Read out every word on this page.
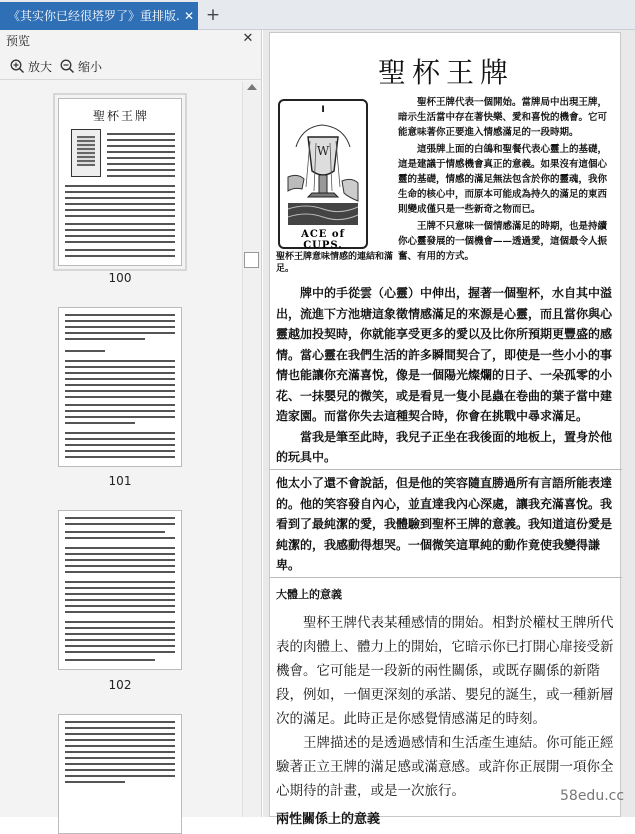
《其实你已经很塔罗了》重排版. ✕ +
预览	✕
放大 缩小
聖杯王牌
100
101
102
聖杯王牌
I
W
ACE of CUPS.
聖杯王牌意味情感的連結和滿足。

聖杯王牌代表一個開始。當牌局中出現王牌，暗示生活當中存在著快樂、愛和喜悅的機會。它可能意味著你正要進入情感滿足的一段時期。

這張牌上面的白鴿和聖餐代表心靈上的基礎，這是建議于情感機會真正的意義。如果沒有這個心靈的基礎，情感的滿足無法包含於你的靈魂，我你生命的核心中，而原本可能成為持久的滿足的東西則變成僅只是一些新奇之物而已。

王牌不只意味一個情感滿足的時期，也是持續你心靈發展的一個機會——透過愛，這個最令人振奮、有用的方式。

牌中的手從雲（心靈）中伸出，握著一個聖杯，水自其中溢出，流進下方池塘這象徵情感滿足的來源是心靈，而且當你與心靈越加投契時，你就能享受更多的愛以及比你所預期更豐盛的感情。當心靈在我們生活的許多瞬間契合了，即使是一些小小的事情也能讓你充滿喜悅，像是一個陽光燦爛的日子、一朵孤零的小花、一抹嬰兒的微笑，或是看見一隻小昆蟲在卷曲的葉子當中建造家園。而當你失去這種契合時，你會在挑戰中尋求滿足。

當我是筆至此時，我兒子正坐在我後面的地板上，置身於他的玩具中。

他太小了還不會說話，但是他的笑容隨直勝過所有言語所能表達的。他的笑容發自內心，並直達我內心深處，讓我充滿喜悅。我看到了最純潔的愛，我體驗到聖杯王牌的意義。我知道這份愛是純潔的，我感動得想哭。一個微笑這單純的動作竟使我變得謙卑。

大體上的意義

聖杯王牌代表某種感情的開始。相對於權杖王牌所代表的肉體上、體力上的開始，它暗示你已打開心扉接受新機會。它可能是一段新的兩性關係，或既存關係的新階段，例如，一個更深刻的承諾、嬰兒的誕生，或一種新層次的滿足。此時正是你感覺情感滿足的時刻。

王牌描述的是透過感情和生活產生連結。你可能正經驗著正立王牌的滿足感或滿意感。或許你正展開一項你全心期待的計畫，或是一次旅行。

兩性關係上的意義
58edu.cc
